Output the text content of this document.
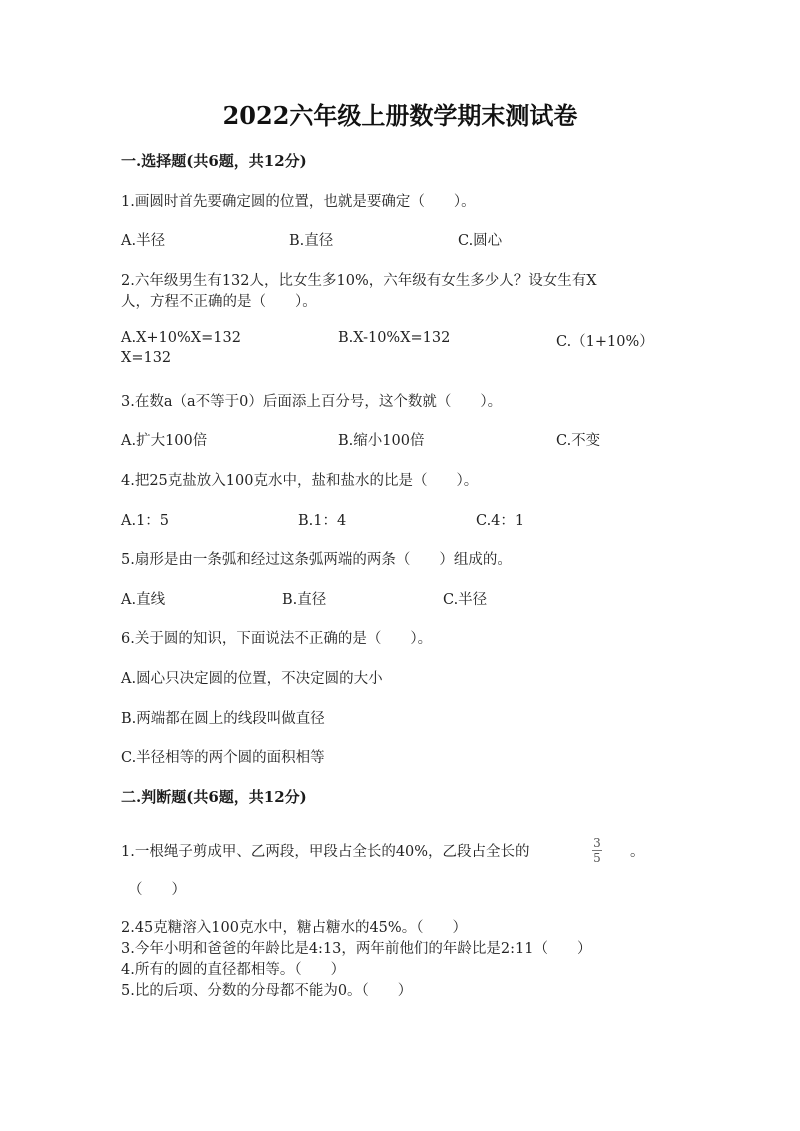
2022六年级上册数学期末测试卷
一.选择题(共6题，共12分)
1.画圆时首先要确定圆的位置，也就是要确定（　　）。
A.半径	B.直径	C.圆心
2.六年级男生有132人，比女生多10%，六年级有女生多少人？设女生有X
人，方程不正确的是（　　）。
A.X+10%X=132	B.X-10%X=132	C.（1+10%）
X=132
3.在数a（a不等于0）后面添上百分号，这个数就（　　）。
A.扩大100倍	B.缩小100倍	C.不变
4.把25克盐放入100克水中，盐和盐水的比是（　　）。
A.1：5	B.1：4	C.4：1
5.扇形是由一条弧和经过这条弧两端的两条（　　）组成的。
A.直线	B.直径	C.半径
6.关于圆的知识，下面说法不正确的是（　　）。
A.圆心只决定圆的位置，不决定圆的大小
B.两端都在圆上的线段叫做直径
C.半径相等的两个圆的面积相等
二.判断题(共6题，共12分)
1.一根绳子剪成甲、乙两段，甲段占全长的40%，乙段占全长的	$\frac{3}{5}$ 。
（　　）
2.45克糖溶入100克水中，糖占糖水的45%。（　　）
3.今年小明和爸爸的年龄比是4:13，两年前他们的年龄比是2:11（　　）
4.所有的圆的直径都相等。（　　）
5.比的后项、分数的分母都不能为0。（　　）
